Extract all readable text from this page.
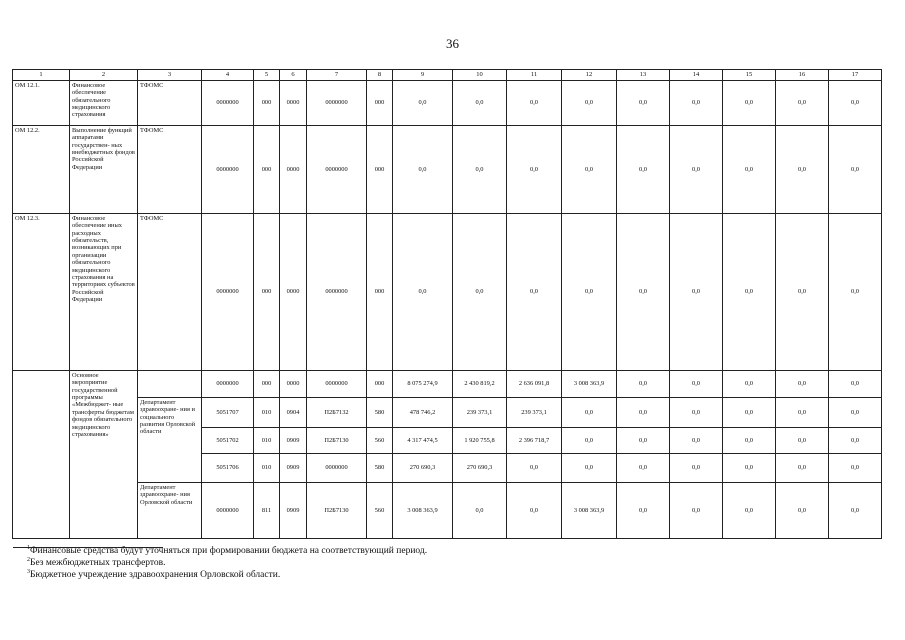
36
1	2	3	4	5	6	7	8	9	10	11	12	13	14	15	16	17
ОМ 12.1.	Финансовое обеспечение обязательного медицинского страхования	ТФОМС	0000000	000	0000	0000000	000	0,0	0,0	0,0	0,0	0,0	0,0	0,0	0,0	0,0
ОМ 12.2.	Выполнение функций аппаратами государствен- ных внебюджетных фондов Российской Федерации	ТФОМС	0000000	000	0000	0000000	000	0,0	0,0	0,0	0,0	0,0	0,0	0,0	0,0	0,0
ОМ 12.3.	Финансовое обеспечение иных расходных обязательств, возникающих при организации обязательного медицинского страхования на территориях субъектов Российской Федерации	ТФОМС	0000000	000	0000	0000000	000	0,0	0,0	0,0	0,0	0,0	0,0	0,0	0,0	0,0
	Основное мероприятие государственной программы «Межбюджет- ные трансферты бюджетам фондов обязательного медицинского страхования»		0000000	000	0000	0000000	000	8 075 274,9	2 430 819,2	2 636 091,8	3 008 363,9	0,0	0,0	0,0	0,0	0,0
		Департамент здравоохране- ния и социального развития Орловской области	5051707	010	0904	П2Б7132	580	478 746,2	239 373,1	239 373,1	0,0	0,0	0,0	0,0	0,0	0,0
			5051702	010	0909	П2Б7130	560	4 317 474,5	1 920 755,8	2 396 718,7	0,0	0,0	0,0	0,0	0,0	0,0
			5051706	010	0909	0000000	580	270 690,3	270 690,3	0,0	0,0	0,0	0,0	0,0	0,0	0,0
		Департамент здравоохране- ния Орловской области	0000000	811	0909	П2Б7130	560	3 008 363,9	0,0	0,0	3 008 363,9	0,0	0,0	0,0	0,0	0,0
$^1$Финансовые средства будут уточняться при формировании бюджета на соответствующий период.
$^2$Без межбюджетных трансфертов.
$^3$Бюджетное учреждение здравоохранения Орловской области.
